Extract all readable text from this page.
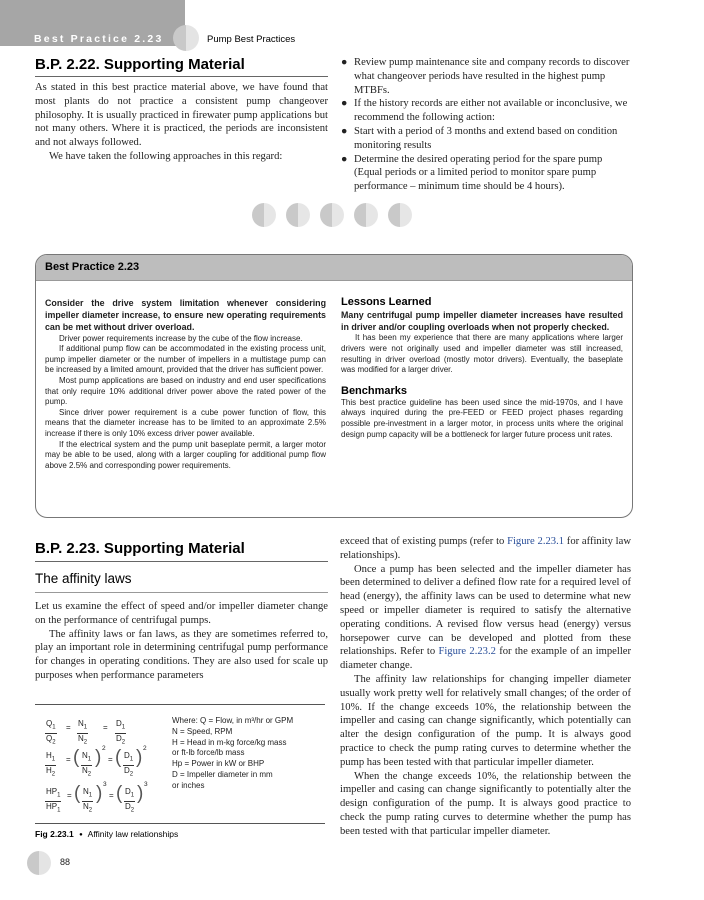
Best Practice 2.23	Pump Best Practices
B.P. 2.22. Supporting Material

As stated in this best practice material above, we have found that most plants do not practice a consistent pump changeover philosophy. It is usually practiced in firewater pump applications but not many others. Where it is practiced, the periods are inconsistent and not always followed.

We have taken the following approaches in this regard:

● Review pump maintenance site and company records to discover what changeover periods have resulted in the highest pump MTBFs.
● If the history records are either not available or inconclusive, we recommend the following action:
● Start with a period of 3 months and extend based on condition monitoring results
● Determine the desired operating period for the spare pump (Equal periods or a limited period to monitor spare pump performance – minimum time should be 4 hours).
Best Practice 2.23

Consider the drive system limitation whenever considering impeller diameter increase, to ensure new operating requirements can be met without driver overload.

Driver power requirements increase by the cube of the flow increase.

If additional pump flow can be accommodated in the existing process unit, pump impeller diameter or the number of impellers in a multistage pump can be increased by a limited amount, provided that the driver has sufficient power.

Most pump applications are based on industry and end user specifications that only require 10% additional driver power above the rated power of the pump.

Since driver power requirement is a cube power function of flow, this means that the diameter increase has to be limited to an approximate 2.5% increase if there is only 10% excess driver power available.

If the electrical system and the pump unit baseplate permit, a larger motor may be able to be used, along with a larger coupling for additional pump flow above 2.5% and corresponding power requirements.

Lessons Learned

Many centrifugal pump impeller diameter increases have resulted in driver and/or coupling overloads when not properly checked.

It has been my experience that there are many applications where larger drivers were not originally used and impeller diameter was still increased, resulting in driver overload (mostly motor drivers). Eventually, the baseplate was modified for a larger driver.

Benchmarks

This best practice guideline has been used since the mid-1970s, and I have always inquired during the pre-FEED or FEED project phases regarding possible pre-investment in a larger motor, in process units where the original design pump capacity will be a bottleneck for larger future process unit rates.

B.P. 2.23. Supporting Material
The affinity laws

Let us examine the effect of speed and/or impeller diameter change on the performance of centrifugal pumps.

The affinity laws or fan laws, as they are sometimes referred to, play an important role in determining centrifugal pump performance for changes in operating conditions. They are also used for scale up purposes when performance parameters

exceed that of existing pumps (refer to Figure 2.23.1 for affinity law relationships).

Once a pump has been selected and the impeller diameter has been determined to deliver a defined flow rate for a required level of head (energy), the affinity laws can be used to determine what new speed or impeller diameter is required to satisfy the alternative operating conditions. A revised flow versus head (energy) versus horsepower curve can be developed and plotted from these relationships. Refer to Figure 2.23.2 for the example of an impeller diameter change.

The affinity law relationships for changing impeller diameter usually work pretty well for relatively small changes; of the order of 10%. If the change exceeds 10%, the relationship between the impeller and casing can change significantly, which potentially can alter the design configuration of the pump. It is always good practice to check the pump rating curves to determine whether the pump has been tested with that particular impeller diameter.

When the change exceeds 10%, the relationship between the impeller and casing can change significantly to potentially alter the design configuration of the pump. It is always good practice to check the pump rating curves to determine whether the pump has been tested with that particular impeller diameter.

$Q_1$
$Q_2$
= $N_1$
$N_2$
= $D_1$
$D_2$
$H_1$
$H_2$
= ( $N_1$
$N_2$
) 2
= ( $D_1$
$D_2$
) 2
$HP_1$
$HP_1$
= ( $N_1$
$N_2$
) 3
= ( $D_1$
$D_2$
) 3
Where: Q = Flow, in m³/hr or GPM
N = Speed, RPM
H = Head in m-kg force/kg mass
or ft-lb force/lb mass
Hp = Power in kW or BHP
D = Impeller diameter in mm
or inches
Fig 2.23.1 ● Affinity law relationships
88
